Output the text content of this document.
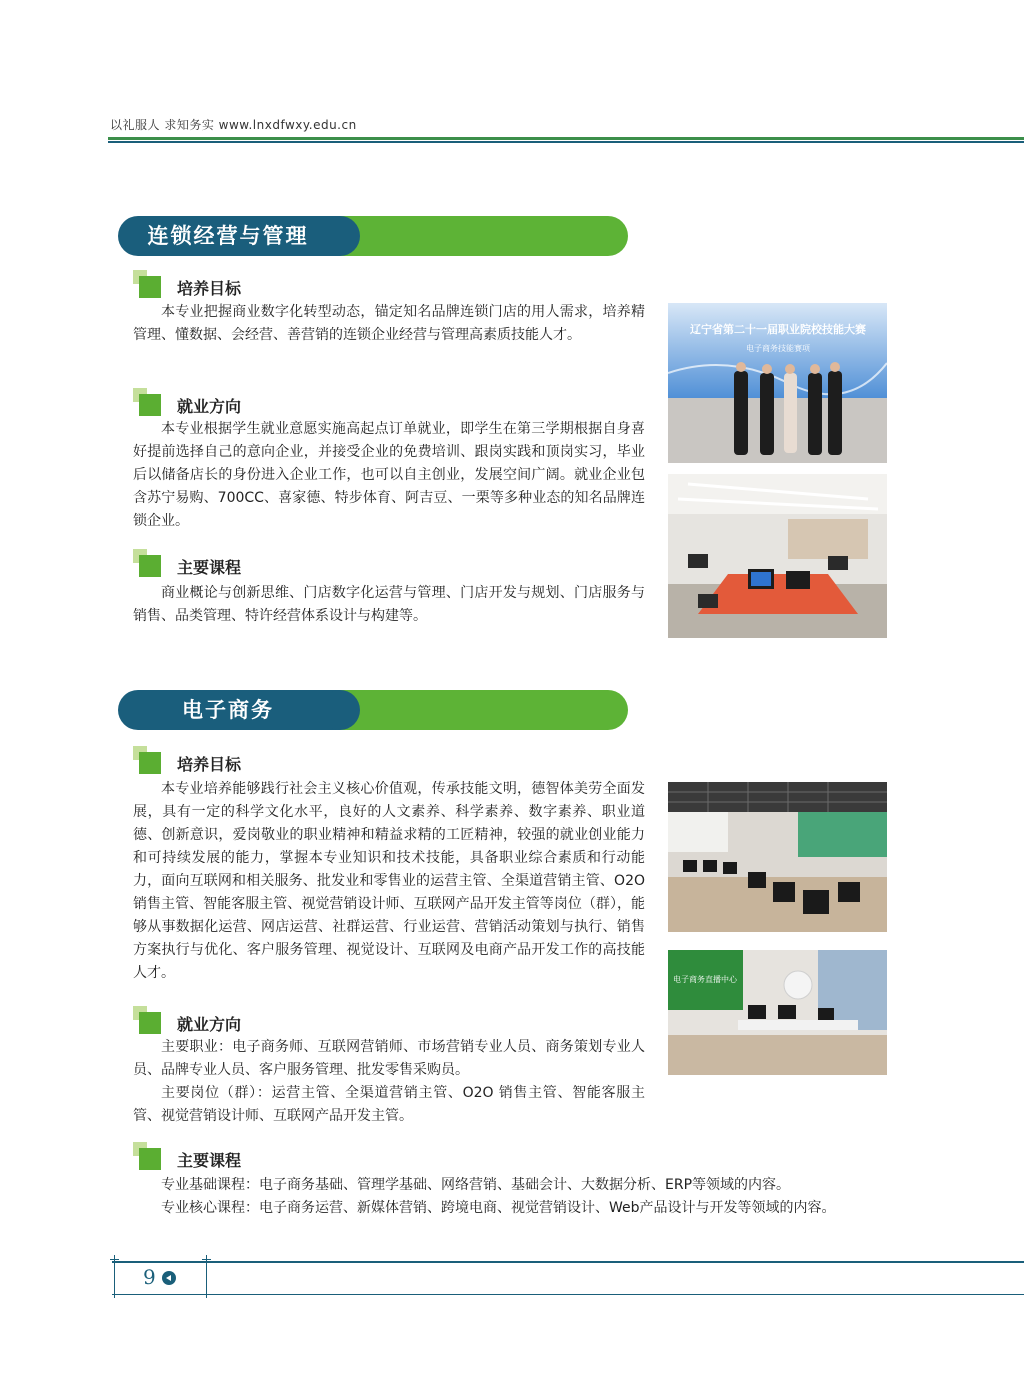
以礼服人 求知务实 www.lnxdfwxy.edu.cn
连锁经营与管理
培养目标
本专业把握商业数字化转型动态，锚定知名品牌连锁门店的用人需求，培养精管理、懂数据、会经营、善营销的连锁企业经营与管理高素质技能人才。
就业方向
本专业根据学生就业意愿实施高起点订单就业，即学生在第三学期根据自身喜好提前选择自己的意向企业，并接受企业的免费培训、跟岗实践和顶岗实习，毕业后以储备店长的身份进入企业工作，也可以自主创业，发展空间广阔。就业企业包含苏宁易购、700CC、喜家德、特步体育、阿吉豆、一栗等多种业态的知名品牌连锁企业。
主要课程
商业概论与创新思维、门店数字化运营与管理、门店开发与规划、门店服务与销售、品类管理、特许经营体系设计与构建等。
辽宁省第二十一届职业院校技能大赛
电子商务技能赛项
电子商务
培养目标
本专业培养能够践行社会主义核心价值观，传承技能文明，德智体美劳全面发展，具有一定的科学文化水平，良好的人文素养、科学素养、数字素养、职业道德、创新意识，爱岗敬业的职业精神和精益求精的工匠精神，较强的就业创业能力和可持续发展的能力，掌握本专业知识和技术技能，具备职业综合素质和行动能力，面向互联网和相关服务、批发业和零售业的运营主管、全渠道营销主管、O2O 销售主管、智能客服主管、视觉营销设计师、互联网产品开发主管等岗位（群），能够从事数据化运营、网店运营、社群运营、行业运营、营销活动策划与执行、销售方案执行与优化、客户服务管理、视觉设计、互联网及电商产品开发工作的高技能人才。
就业方向
主要职业：电子商务师、互联网营销师、市场营销专业人员、商务策划专业人员、品牌专业人员、客户服务管理、批发零售采购员。
主要岗位（群）：运营主管、全渠道营销主管、O2O 销售主管、智能客服主管、视觉营销设计师、互联网产品开发主管。
主要课程
专业基础课程：电子商务基础、管理学基础、网络营销、基础会计、大数据分析、ERP等领域的内容。
专业核心课程：电子商务运营、新媒体营销、跨境电商、视觉营销设计、Web产品设计与开发等领域的内容。
电子商务直播中心
9
